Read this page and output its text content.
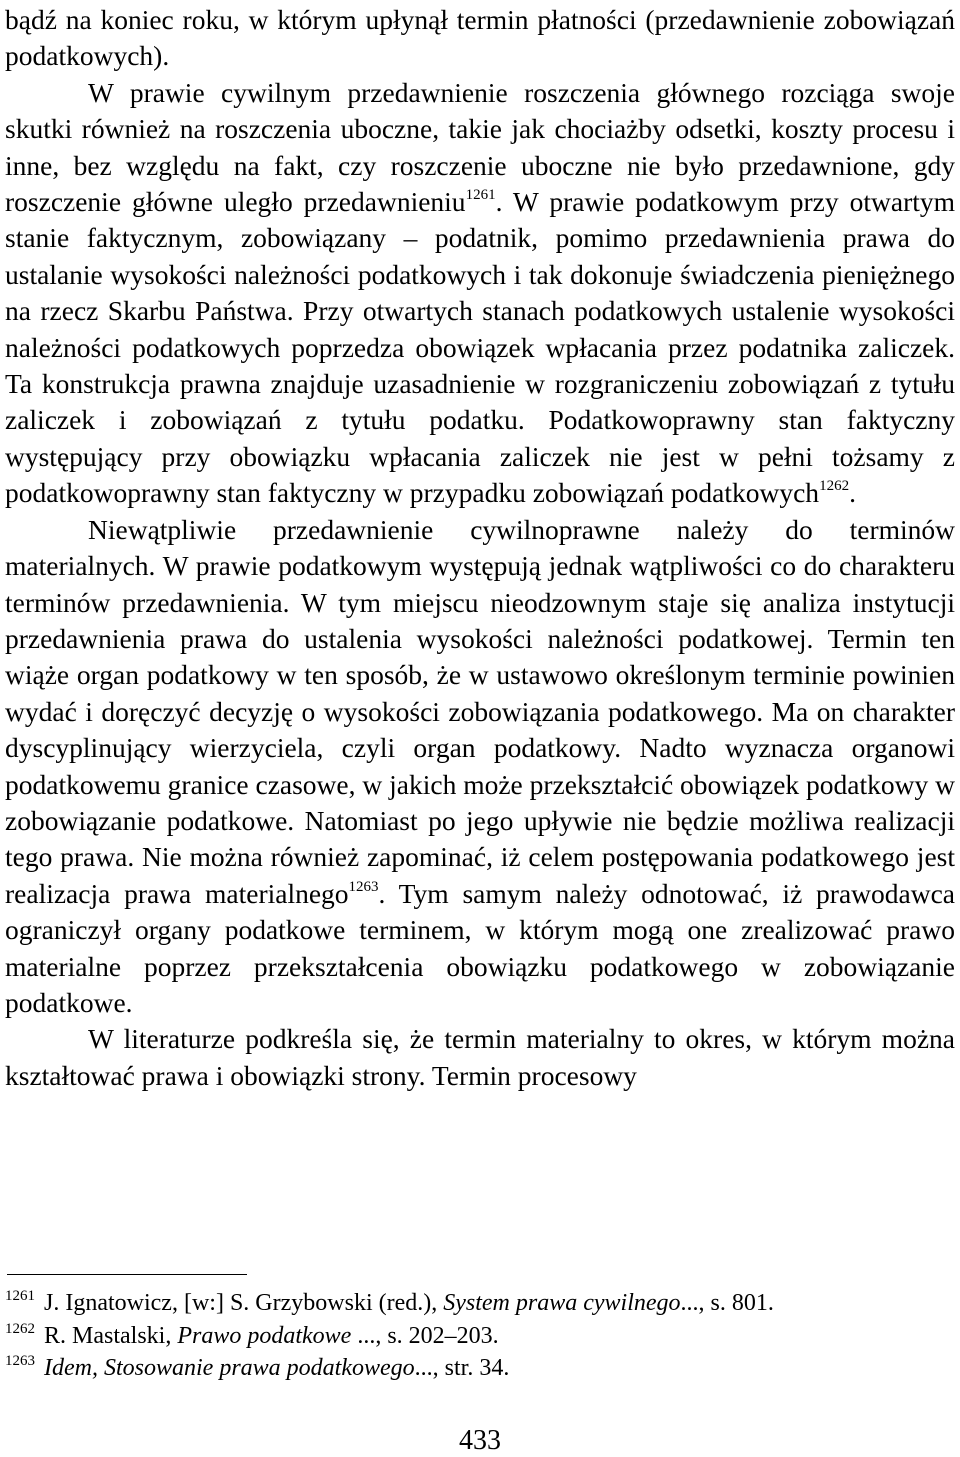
bądź na koniec roku, w którym upłynął termin płatności (przedawnienie zobowiązań podatkowych).

W prawie cywilnym przedawnienie roszczenia głównego rozciąga swoje skutki również na roszczenia uboczne, takie jak chociażby odsetki, koszty procesu i inne, bez względu na fakt, czy roszczenie uboczne nie było przedawnione, gdy roszczenie główne uległo przedawnieniu$^{1261}$. W prawie podatkowym przy otwartym stanie faktycznym, zobowiązany – podatnik, pomimo przedawnienia prawa do ustalanie wysokości należności podatkowych i tak dokonuje świadczenia pieniężnego na rzecz Skarbu Państwa. Przy otwartych stanach podatkowych ustalenie wysokości należności podatkowych poprzedza obowiązek wpłacania przez podatnika zaliczek. Ta konstrukcja prawna znajduje uzasadnienie w rozgraniczeniu zobowiązań z tytułu zaliczek i zobowiązań z tytułu podatku. Podatkowoprawny stan faktyczny występujący przy obowiązku wpłacania zaliczek nie jest w pełni tożsamy z podatkowoprawny stan faktyczny w przypadku zobowiązań podatkowych$^{1262}$.

Niewątpliwie przedawnienie cywilnoprawne należy do terminów materialnych. W prawie podatkowym występują jednak wątpliwości co do charakteru terminów przedawnienia. W tym miejscu nieodzownym staje się analiza instytucji przedawnienia prawa do ustalenia wysokości należności podatkowej. Termin ten wiąże organ podatkowy w ten sposób, że w ustawowo określonym terminie powinien wydać i doręczyć decyzję o wysokości zobowiązania podatkowego. Ma on charakter dyscyplinujący wierzyciela, czyli organ podatkowy. Nadto wyznacza organowi podatkowemu granice czasowe, w jakich może przekształcić obowiązek podatkowy w zobowiązanie podatkowe. Natomiast po jego upływie nie będzie możliwa realizacji tego prawa. Nie można również zapominać, iż celem postępowania podatkowego jest realizacja prawa materialnego$^{1263}$. Tym samym należy odnotować, iż prawodawca ograniczył organy podatkowe terminem, w którym mogą one zrealizować prawo materialne poprzez przekształcenia obowiązku podatkowego w zobowiązanie podatkowe.

W literaturze podkreśla się, że termin materialny to okres, w którym można kształtować prawa i obowiązki strony. Termin procesowy

1261 J. Ignatowicz, [w:] S. Grzybowski (red.), System prawa cywilnego..., s. 801.

1262 R. Mastalski, Prawo podatkowe ..., s. 202–203.

1263 Idem, Stosowanie prawa podatkowego..., str. 34.

433
